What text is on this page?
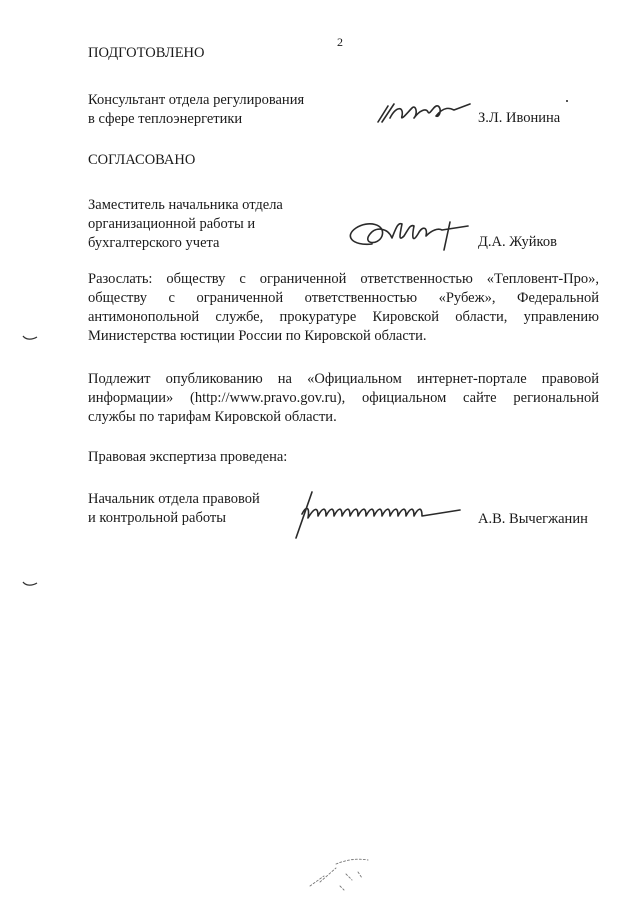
2
ПОДГОТОВЛЕНО
Консультант отдела регулирования
в сфере теплоэнергетики	З.Л. Ивонина
СОГЛАСОВАНО
Заместитель начальника отдела
организационной работы и
бухгалтерского учета	Д.А. Жуйков
Разослать: обществу с ограниченной ответственностью «Тепловент-Про»,
обществу с ограниченной ответственностью «Рубеж», Федеральной
антимонопольной службе, прокуратуре Кировской области, управлению
Министерства юстиции России по Кировской области.
Подлежит опубликованию на «Официальном интернет-портале правовой
информации» (http://www.pravo.gov.ru), официальном сайте региональной
службы по тарифам Кировской области.
Правовая экспертиза проведена:
Начальник отдела правовой
и контрольной работы	А.В. Вычегжанин
